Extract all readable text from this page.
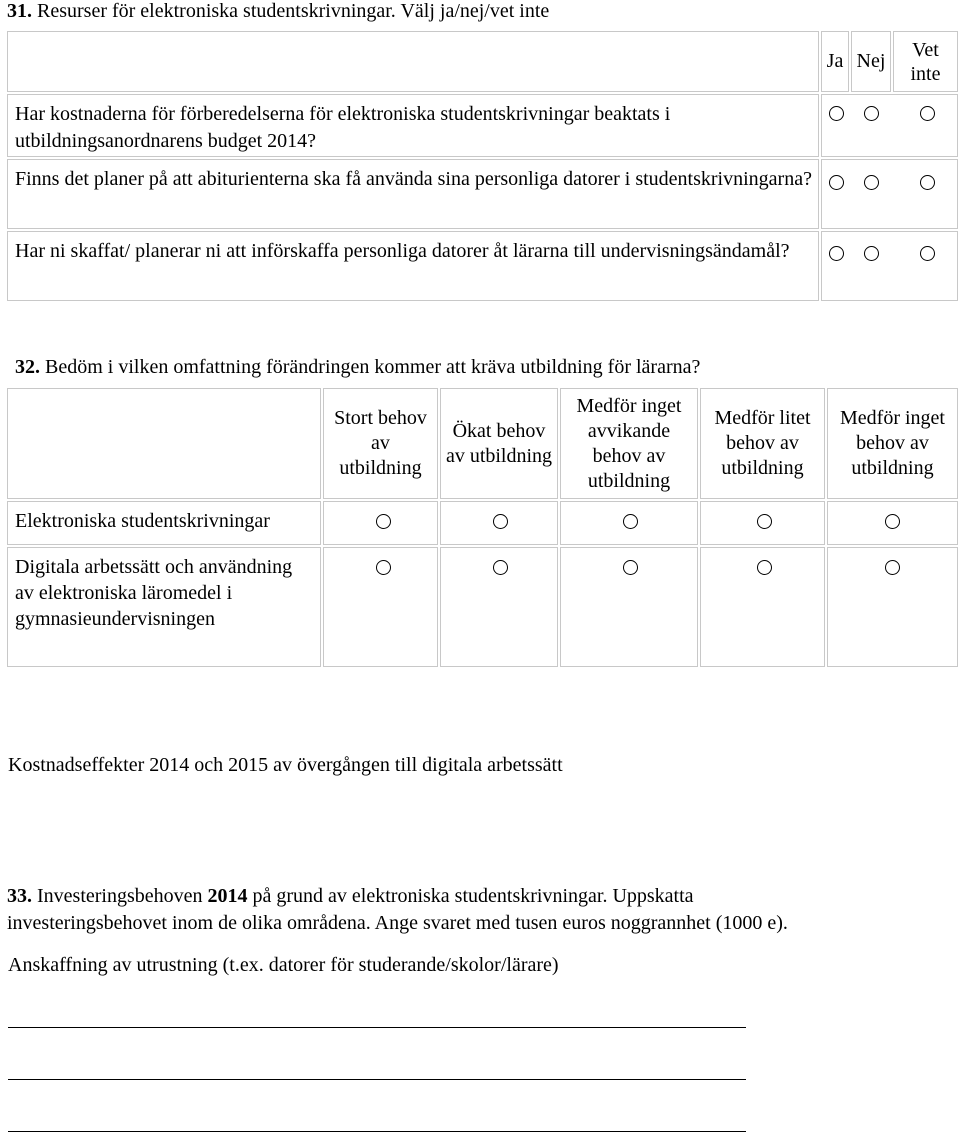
31. Resurser för elektroniska studentskrivningar. Välj ja/nej/vet inte
Ja Nej
Vet inte
Har kostnaderna för förberedelserna för elektroniska studentskrivningar beaktats i utbildningsanordnarens budget 2014?
Finns det planer på att abiturienterna ska få använda sina personliga datorer i studentskrivningarna?
Har ni skaffat/ planerar ni att införskaffa personliga datorer åt lärarna till undervisningsändamål?
32. Bedöm i vilken omfattning förändringen kommer att kräva utbildning för lärarna?
Stort behov av utbildning
Ökat behov av utbildning
Medför inget avvikande behov av utbildning
Medför litet behov av utbildning
Medför inget behov av utbildning
Elektroniska studentskrivningar
Digitala arbetssätt och användning av elektroniska läromedel i gymnasieundervisningen
Kostnadseffekter 2014 och 2015 av övergången till digitala arbetssätt
33. Investeringsbehoven 2014 på grund av elektroniska studentskrivningar. Uppskatta
investeringsbehovet inom de olika områdena. Ange svaret med tusen euros noggrannhet (1000 e).
Anskaffning av utrustning (t.ex. datorer för studerande/skolor/lärare)
